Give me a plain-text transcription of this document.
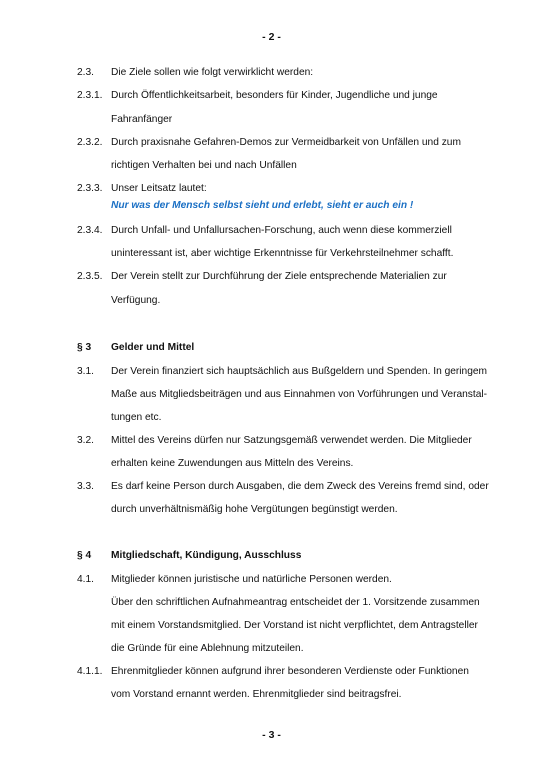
- 2 -
2.3. Die Ziele sollen wie folgt verwirklicht werden:
2.3.1. Durch Öffentlichkeitsarbeit, besonders für Kinder, Jugendliche und junge
Fahranfänger
2.3.2. Durch praxisnahe Gefahren-Demos zur Vermeidbarkeit von Unfällen und zum
richtigen Verhalten bei und nach Unfällen
2.3.3. Unser Leitsatz lautet:
Nur was der Mensch selbst sieht und erlebt, sieht er auch ein !
2.3.4. Durch Unfall- und Unfallursachen-Forschung, auch wenn diese kommerziell
uninteressant ist, aber wichtige Erkenntnisse für Verkehrsteilnehmer schafft.
2.3.5. Der Verein stellt zur Durchführung der Ziele entsprechende Materialien zur
Verfügung.
§ 3 Gelder und Mittel
3.1. Der Verein finanziert sich hauptsächlich aus Bußgeldern und Spenden. In geringem
Maße aus Mitgliedsbeiträgen und aus Einnahmen von Vorführungen und Veranstal-
tungen etc.
3.2. Mittel des Vereins dürfen nur Satzungsgemäß verwendet werden. Die Mitglieder
erhalten keine Zuwendungen aus Mitteln des Vereins.
3.3. Es darf keine Person durch Ausgaben, die dem Zweck des Vereins fremd sind, oder
durch unverhältnismäßig hohe Vergütungen begünstigt werden.
§ 4 Mitgliedschaft, Kündigung, Ausschluss
4.1. Mitglieder können juristische und natürliche Personen werden.
Über den schriftlichen Aufnahmeantrag entscheidet der 1. Vorsitzende zusammen
mit einem Vorstandsmitglied. Der Vorstand ist nicht verpflichtet, dem Antragsteller
die Gründe für eine Ablehnung mitzuteilen.
4.1.1. Ehrenmitglieder können aufgrund ihrer besonderen Verdienste oder Funktionen
vom Vorstand ernannt werden. Ehrenmitglieder sind beitragsfrei.
- 3 -
